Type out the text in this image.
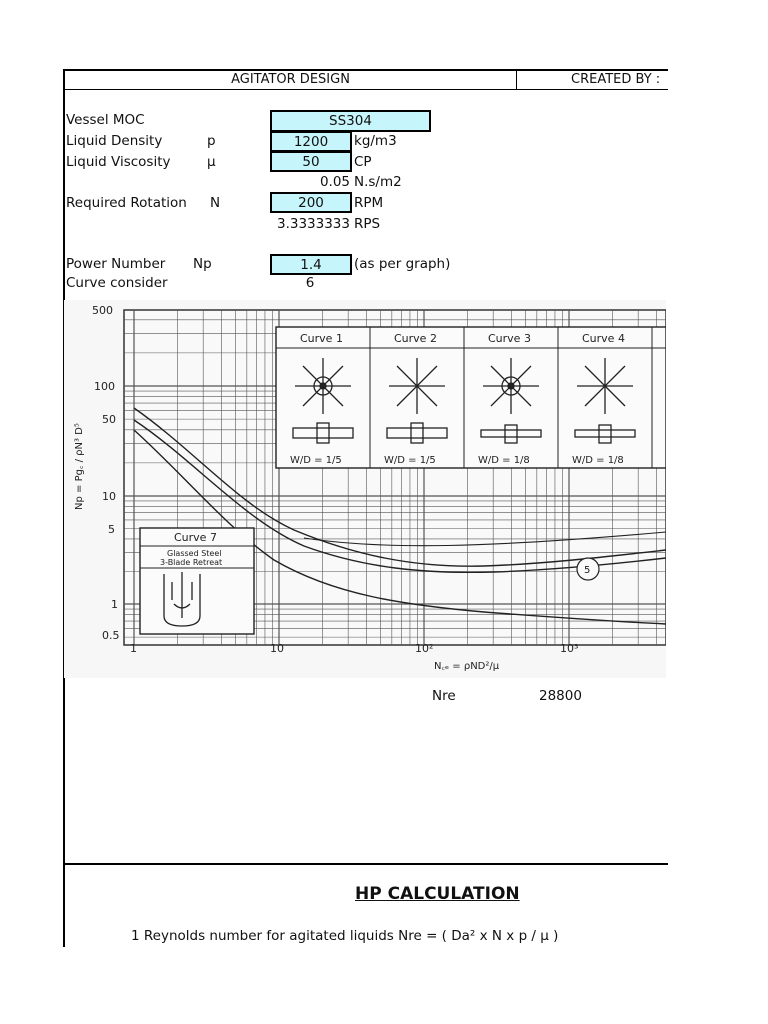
AGITATOR DESIGN	CREATED BY :
Vessel MOC	SS304
Liquid Density	p	1200	kg/m3
Liquid Viscosity	µ	50	CP
0.05 N.s/m2
Required Rotation N	200	RPM
3.3333333 RPS
Power Number Np	1.4	(as per graph)
Curve consider	6
500
100
50
10
5
1
0.5
1	10	10²	10³
N꜀ₑ = ρND²/μ
Np = Pg꜀ / ρN³ D⁵
5
Curve 1	Curve 2	Curve 3	Curve 4
W/D = 1/5	W/D = 1/5	W/D = 1/8	W/D = 1/8
Curve 7
Glassed Steel
3-Blade Retreat
Nre	28800
HP CALCULATION
1 Reynolds number for agitated liquids Nre = ( Da² x N x p / µ )
